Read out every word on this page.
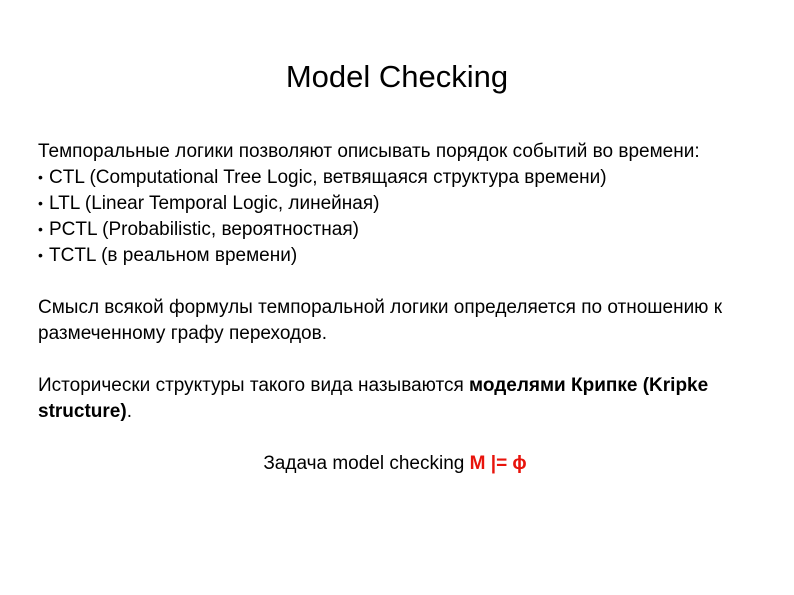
Model Checking

Темпоральные логики позволяют описывать порядок событий во времени:

• CTL (Computational Tree Logic, ветвящаяся структура времени)
• LTL (Linear Temporal Logic, линейная)
• PCTL (Probabilistic, вероятностная)
• TCTL (в реальном времени)

Смысл всякой формулы темпоральной логики определяется по отношению к размеченному графу переходов.

Исторически структуры такого вида называются моделями Крипке (Kripke structure).

Задача model checking M |= ϕ
